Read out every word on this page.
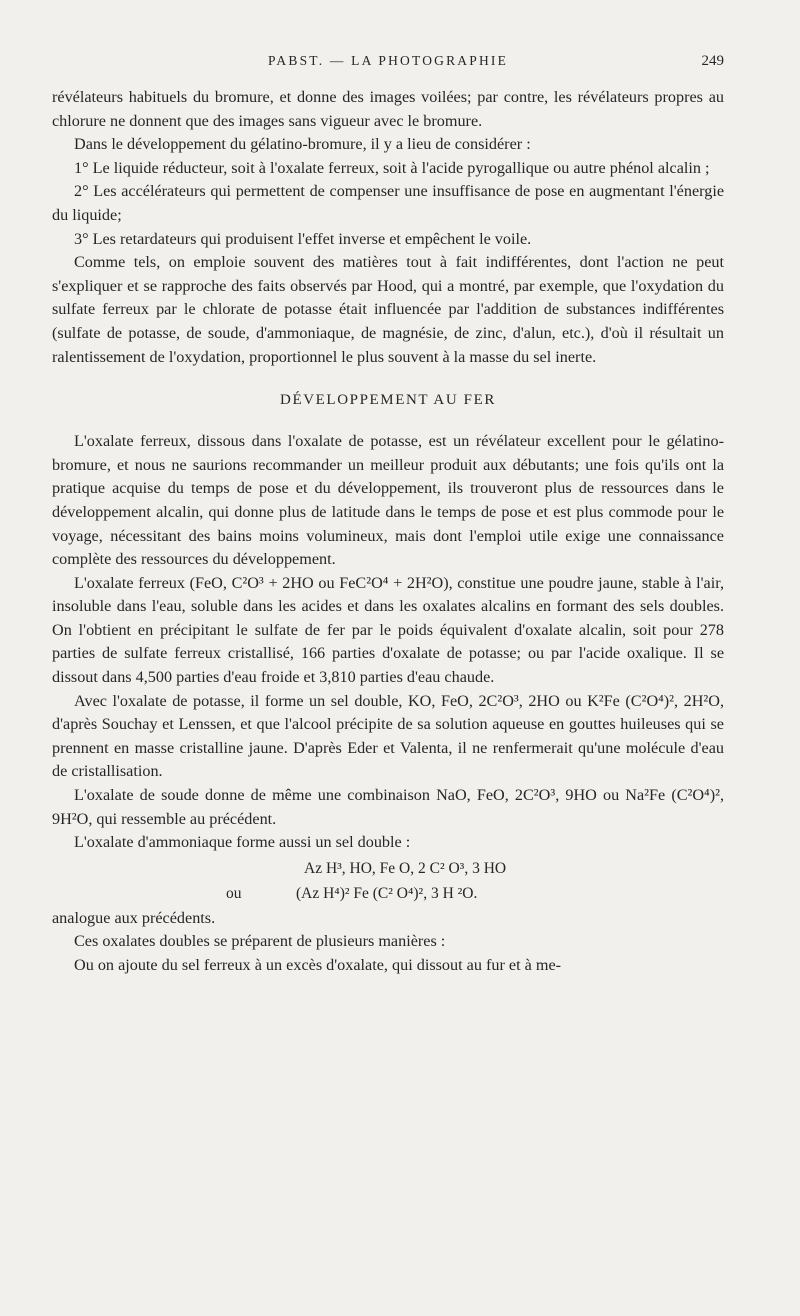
PABST. — LA PHOTOGRAPHIE	249

révélateurs habituels du bromure, et donne des images voilées; par contre, les révélateurs propres au chlorure ne donnent que des images sans vigueur avec le bromure.

Dans le développement du gélatino-bromure, il y a lieu de considérer :

1° Le liquide réducteur, soit à l'oxalate ferreux, soit à l'acide pyrogallique ou autre phénol alcalin ;

2° Les accélérateurs qui permettent de compenser une insuffisance de pose en augmentant l'énergie du liquide;

3° Les retardateurs qui produisent l'effet inverse et empêchent le voile.

Comme tels, on emploie souvent des matières tout à fait indifférentes, dont l'action ne peut s'expliquer et se rapproche des faits observés par Hood, qui a montré, par exemple, que l'oxydation du sulfate ferreux par le chlorate de potasse était influencée par l'addition de substances indifférentes (sulfate de potasse, de soude, d'ammoniaque, de magnésie, de zinc, d'alun, etc.), d'où il résultait un ralentissement de l'oxydation, proportionnel le plus souvent à la masse du sel inerte.

DÉVELOPPEMENT AU FER

L'oxalate ferreux, dissous dans l'oxalate de potasse, est un révélateur excellent pour le gélatino-bromure, et nous ne saurions recommander un meilleur produit aux débutants; une fois qu'ils ont la pratique acquise du temps de pose et du développement, ils trouveront plus de ressources dans le développement alcalin, qui donne plus de latitude dans le temps de pose et est plus commode pour le voyage, nécessitant des bains moins volumineux, mais dont l'emploi utile exige une connaissance complète des ressources du développement.

L'oxalate ferreux (FeO, C²O³ + 2HO ou FeC²O⁴ + 2H²O), constitue une poudre jaune, stable à l'air, insoluble dans l'eau, soluble dans les acides et dans les oxalates alcalins en formant des sels doubles. On l'obtient en précipitant le sulfate de fer par le poids équivalent d'oxalate alcalin, soit pour 278 parties de sulfate ferreux cristallisé, 166 parties d'oxalate de potasse; ou par l'acide oxalique. Il se dissout dans 4,500 parties d'eau froide et 3,810 parties d'eau chaude.

Avec l'oxalate de potasse, il forme un sel double, KO, FeO, 2C²O³, 2HO ou K²Fe (C²O⁴)², 2H²O, d'après Souchay et Lenssen, et que l'alcool précipite de sa solution aqueuse en gouttes huileuses qui se prennent en masse cristalline jaune. D'après Eder et Valenta, il ne renfermerait qu'une molécule d'eau de cristallisation.

L'oxalate de soude donne de même une combinaison NaO, FeO, 2C²O³, 9HO ou Na²Fe (C²O⁴)², 9H²O, qui ressemble au précédent.

L'oxalate d'ammoniaque forme aussi un sel double :

Az H³, HO, Fe O, 2 C² O³, 3 HO
ou	(Az H⁴)² Fe (C² O⁴)², 3 H ²O.

analogue aux précédents.

Ces oxalates doubles se préparent de plusieurs manières :

Ou on ajoute du sel ferreux à un excès d'oxalate, qui dissout au fur et à me-
